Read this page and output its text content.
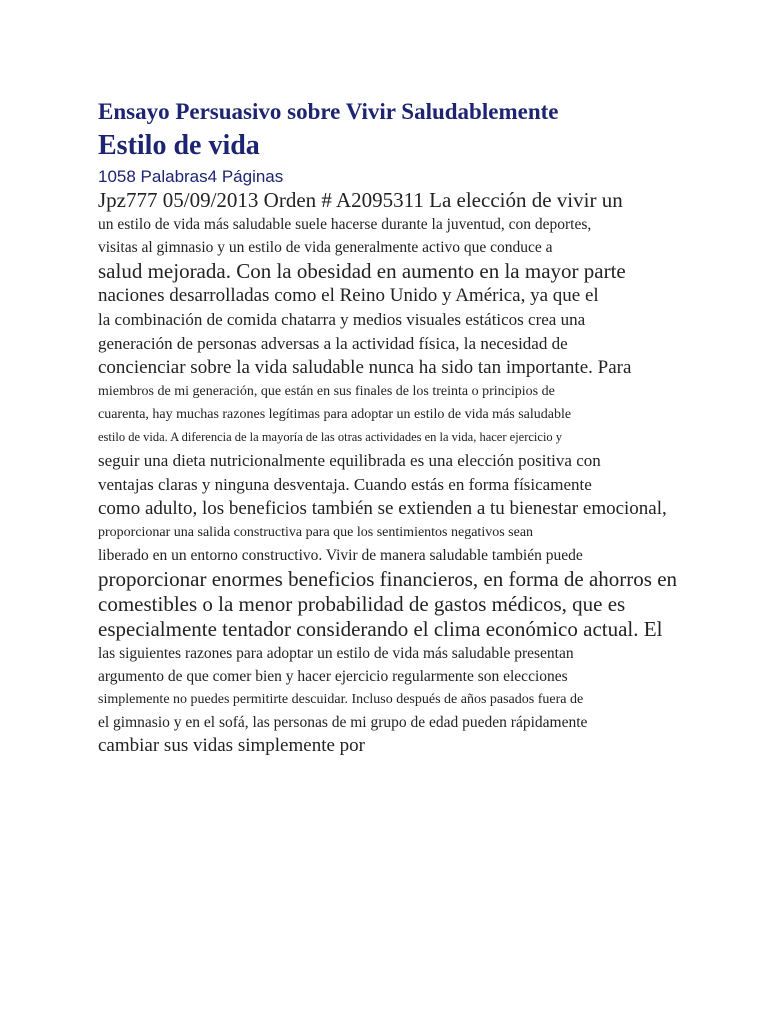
Ensayo Persuasivo sobre Vivir Saludablemente
Estilo de vida

1058 Palabras4 Páginas

Jpz777 05/09/2013 Orden # A2095311 La elección de vivir un
un estilo de vida más saludable suele hacerse durante la juventud, con deportes,
visitas al gimnasio y un estilo de vida generalmente activo que conduce a
salud mejorada. Con la obesidad en aumento en la mayor parte
naciones desarrolladas como el Reino Unido y América, ya que el
la combinación de comida chatarra y medios visuales estáticos crea una
generación de personas adversas a la actividad física, la necesidad de
concienciar sobre la vida saludable nunca ha sido tan importante. Para
miembros de mi generación, que están en sus finales de los treinta o principios de
cuarenta, hay muchas razones legítimas para adoptar un estilo de vida más saludable
estilo de vida. A diferencia de la mayoría de las otras actividades en la vida, hacer ejercicio y
seguir una dieta nutricionalmente equilibrada es una elección positiva con
ventajas claras y ninguna desventaja. Cuando estás en forma físicamente
como adulto, los beneficios también se extienden a tu bienestar emocional,
proporcionar una salida constructiva para que los sentimientos negativos sean
liberado en un entorno constructivo. Vivir de manera saludable también puede
proporcionar enormes beneficios financieros, en forma de ahorros en
comestibles o la menor probabilidad de gastos médicos, que es
especialmente tentador considerando el clima económico actual. El
las siguientes razones para adoptar un estilo de vida más saludable presentan
argumento de que comer bien y hacer ejercicio regularmente son elecciones
simplemente no puedes permitirte descuidar. Incluso después de años pasados fuera de
el gimnasio y en el sofá, las personas de mi grupo de edad pueden rápidamente
cambiar sus vidas simplemente por
